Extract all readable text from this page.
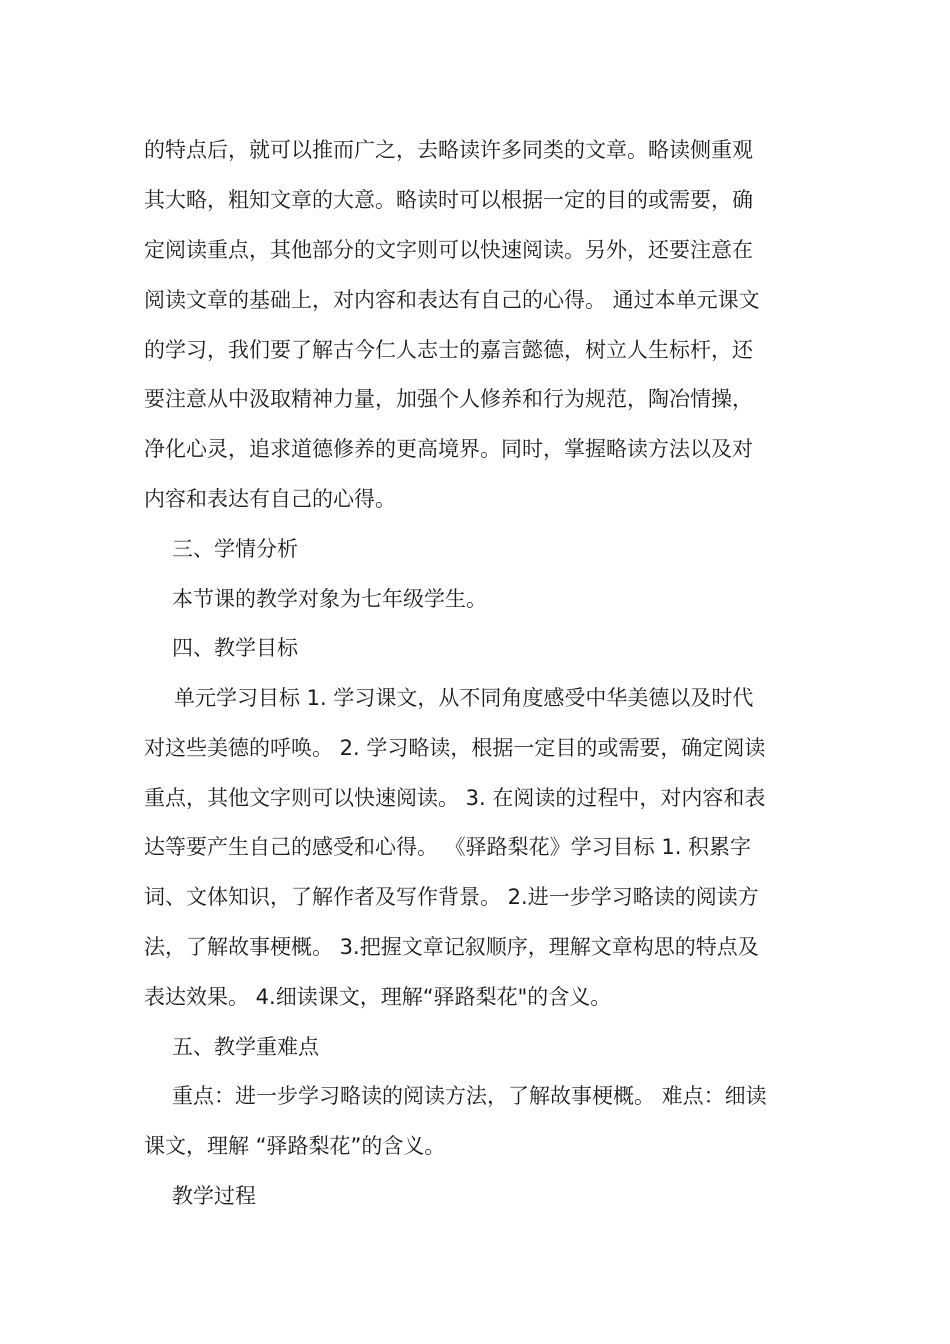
的特点后，就可以推而广之，去略读许多同类的文章。略读侧重观
其大略，粗知文章的大意。略读时可以根据一定的目的或需要，确
定阅读重点，其他部分的文字则可以快速阅读。另外，还要注意在
阅读文章的基础上，对内容和表达有自己的心得。 通过本单元课文
的学习，我们要了解古今仁人志士的嘉言懿德，树立人生标杆，还
要注意从中汲取精神力量，加强个人修养和行为规范，陶冶情操，
净化心灵，追求道德修养的更高境界。同时，掌握略读方法以及对
内容和表达有自己的心得。
三、学情分析
本节课的教学对象为七年级学生。
四、教学目标
单元学习目标 1. 学习课文，从不同角度感受中华美德以及时代
对这些美德的呼唤。 2. 学习略读，根据一定目的或需要，确定阅读
重点，其他文字则可以快速阅读。 3. 在阅读的过程中，对内容和表
达等要产生自己的感受和心得。 《驿路梨花》学习目标 1. 积累字
词、文体知识，了解作者及写作背景。 2.进一步学习略读的阅读方
法，了解故事梗概。 3.把握文章记叙顺序，理解文章构思的特点及
表达效果。 4.细读课文，理解“驿路梨花"的含义。
五、教学重难点
重点：进一步学习略读的阅读方法，了解故事梗概。 难点：细读
课文，理解 “驿路梨花”的含义。
教学过程
